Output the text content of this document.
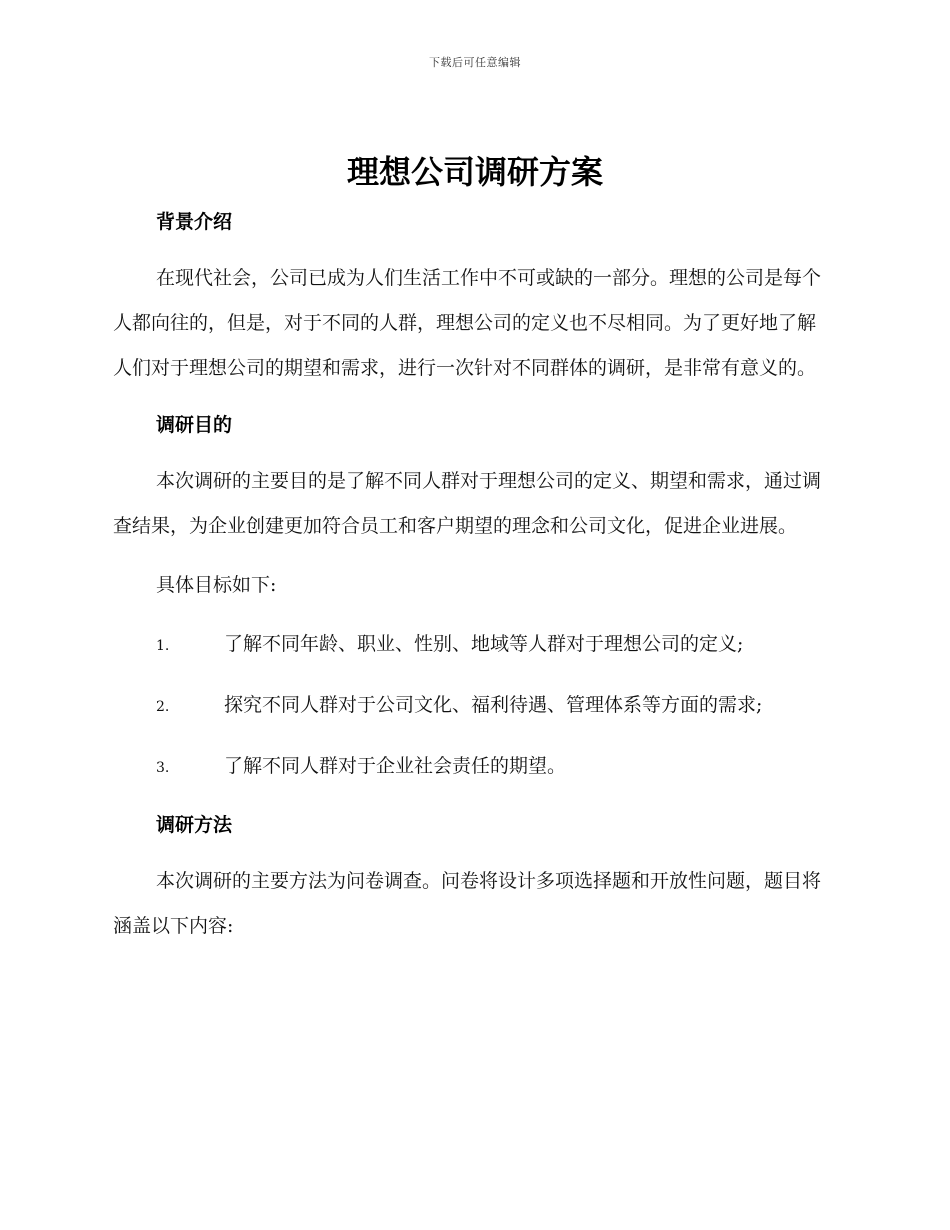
下载后可任意编辑
理想公司调研方案
背景介绍

在现代社会，公司已成为人们生活工作中不可或缺的一部分。理想的公司是每个人都向往的，但是，对于不同的人群，理想公司的定义也不尽相同。为了更好地了解人们对于理想公司的期望和需求，进行一次针对不同群体的调研，是非常有意义的。

调研目的

本次调研的主要目的是了解不同人群对于理想公司的定义、期望和需求，通过调查结果，为企业创建更加符合员工和客户期望的理念和公司文化，促进企业进展。

具体目标如下:

1.	了解不同年龄、职业、性别、地域等人群对于理想公司的定义;

2.	探究不同人群对于公司文化、福利待遇、管理体系等方面的需求;

3.	了解不同人群对于企业社会责任的期望。

调研方法

本次调研的主要方法为问卷调查。问卷将设计多项选择题和开放性问题，题目将涵盖以下内容:
